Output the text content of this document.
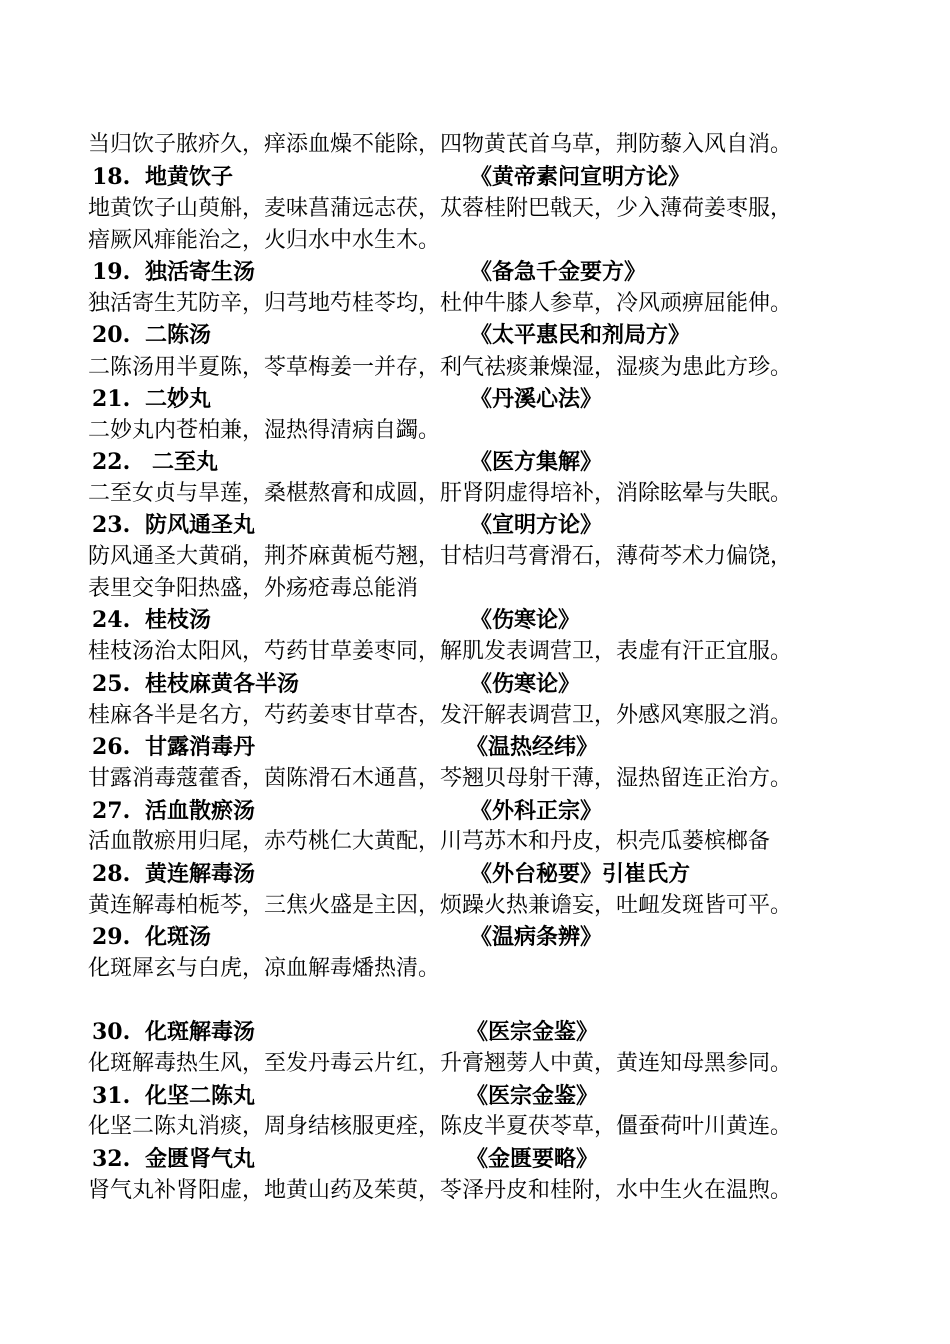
当归饮子脓疥久，痒添血燥不能除，四物黄芪首乌草，荆防藜入风自消。
18. 地黄饮子	《黄帝素问宣明方论》
地黄饮子山萸斛，麦味菖蒲远志茯，苁蓉桂附巴戟天，少入薄荷姜枣服，
瘖厥风痱能治之，火归水中水生木。
19. 独活寄生汤	《备急千金要方》
独活寄生艽防辛，归芎地芍桂苓均，杜仲牛膝人参草，冷风顽痹屈能伸。
20. 二陈汤	《太平惠民和剂局方》
二陈汤用半夏陈，苓草梅姜一并存，利气祛痰兼燥湿，湿痰为患此方珍。
21. 二妙丸	《丹溪心法》
二妙丸内苍柏兼，湿热得清病自蠲。
22. 二至丸	《医方集解》
二至女贞与旱莲，桑椹熬膏和成圆，肝肾阴虚得培补，消除眩晕与失眠。
23. 防风通圣丸	《宣明方论》
防风通圣大黄硝，荆芥麻黄栀芍翘，甘桔归芎膏滑石，薄荷芩术力偏饶，
表里交争阳热盛，外疡疮毒总能消
24. 桂枝汤	《伤寒论》
桂枝汤治太阳风，芍药甘草姜枣同，解肌发表调营卫，表虚有汗正宜服。
25. 桂枝麻黄各半汤	《伤寒论》
桂麻各半是名方，芍药姜枣甘草杏，发汗解表调营卫，外感风寒服之消。
26. 甘露消毒丹	《温热经纬》
甘露消毒蔻藿香，茵陈滑石木通菖，芩翘贝母射干薄，湿热留连正治方。
27. 活血散瘀汤	《外科正宗》
活血散瘀用归尾，赤芍桃仁大黄配，川芎苏木和丹皮，枳壳瓜蒌槟榔备
28. 黄连解毒汤	《外台秘要》引崔氏方
黄连解毒柏栀芩，三焦火盛是主因，烦躁火热兼谵妄，吐衄发斑皆可平。
29. 化斑汤	《温病条辨》
化斑犀玄与白虎，凉血解毒燔热清。
30. 化斑解毒汤	《医宗金鉴》
化斑解毒热生风，至发丹毒云片红，升膏翘蒡人中黄，黄连知母黑参同。
31. 化坚二陈丸	《医宗金鉴》
化坚二陈丸消痰，周身结核服更痊，陈皮半夏茯苓草，僵蚕荷叶川黄连。
32. 金匮肾气丸	《金匮要略》
肾气丸补肾阳虚，地黄山药及茱萸，苓泽丹皮和桂附，水中生火在温煦。
